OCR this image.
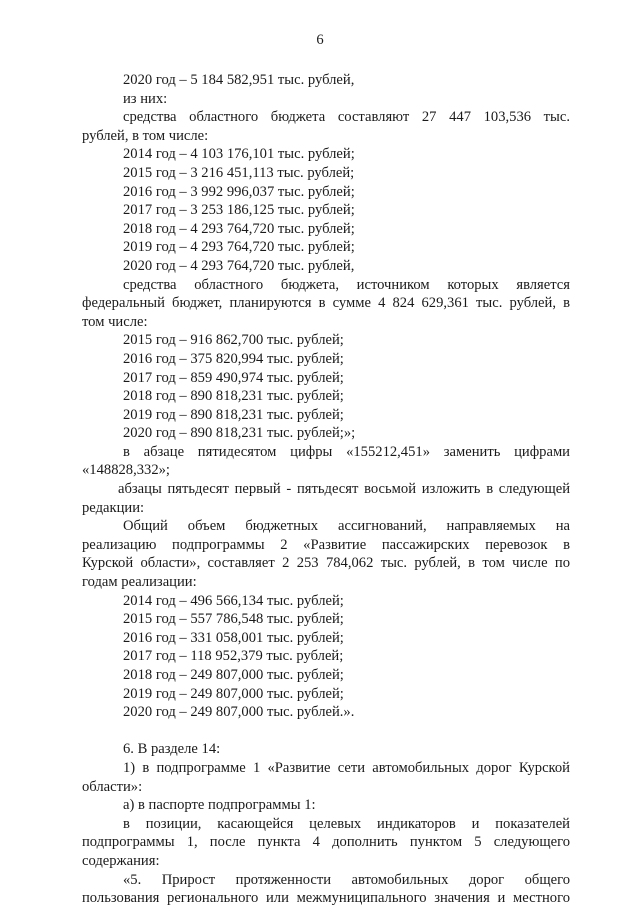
6
2020 год – 5 184 582,951 тыс. рублей,
из них:
средства областного бюджета составляют 27 447 103,536 тыс.
рублей, в том числе:
2014 год – 4 103 176,101 тыс. рублей;
2015 год – 3 216 451,113 тыс. рублей;
2016 год – 3 992 996,037 тыс. рублей;
2017 год – 3 253 186,125 тыс. рублей;
2018 год – 4 293 764,720 тыс. рублей;
2019 год – 4 293 764,720 тыс. рублей;
2020 год – 4 293 764,720 тыс. рублей,
средства областного бюджета, источником которых является
федеральный бюджет, планируются в сумме 4 824 629,361 тыс. рублей, в
том числе:
2015 год – 916 862,700 тыс. рублей;
2016 год – 375 820,994 тыс. рублей;
2017 год – 859 490,974 тыс. рублей;
2018 год – 890 818,231 тыс. рублей;
2019 год – 890 818,231 тыс. рублей;
2020 год – 890 818,231 тыс. рублей;»;
в абзаце пятидесятом цифры «155212,451» заменить цифрами
«148828,332»;
абзацы пятьдесят первый - пятьдесят восьмой изложить в следующей
редакции:
Общий объем бюджетных ассигнований, направляемых на
реализацию подпрограммы 2 «Развитие пассажирских перевозок в
Курской области», составляет 2 253 784,062 тыс. рублей, в том числе по
годам реализации:
2014 год – 496 566,134 тыс. рублей;
2015 год – 557 786,548 тыс. рублей;
2016 год – 331 058,001 тыс. рублей;
2017 год – 118 952,379 тыс. рублей;
2018 год – 249 807,000 тыс. рублей;
2019 год – 249 807,000 тыс. рублей;
2020 год – 249 807,000 тыс. рублей.».
6. В разделе 14:
1) в подпрограмме 1 «Развитие сети автомобильных дорог Курской
области»:
а) в паспорте подпрограммы 1:
в позиции, касающейся целевых индикаторов и показателей
подпрограммы 1, после пункта 4 дополнить пунктом 5 следующего
содержания:
«5. Прирост протяженности автомобильных дорог общего
пользования регионального или межмуниципального значения и местного
